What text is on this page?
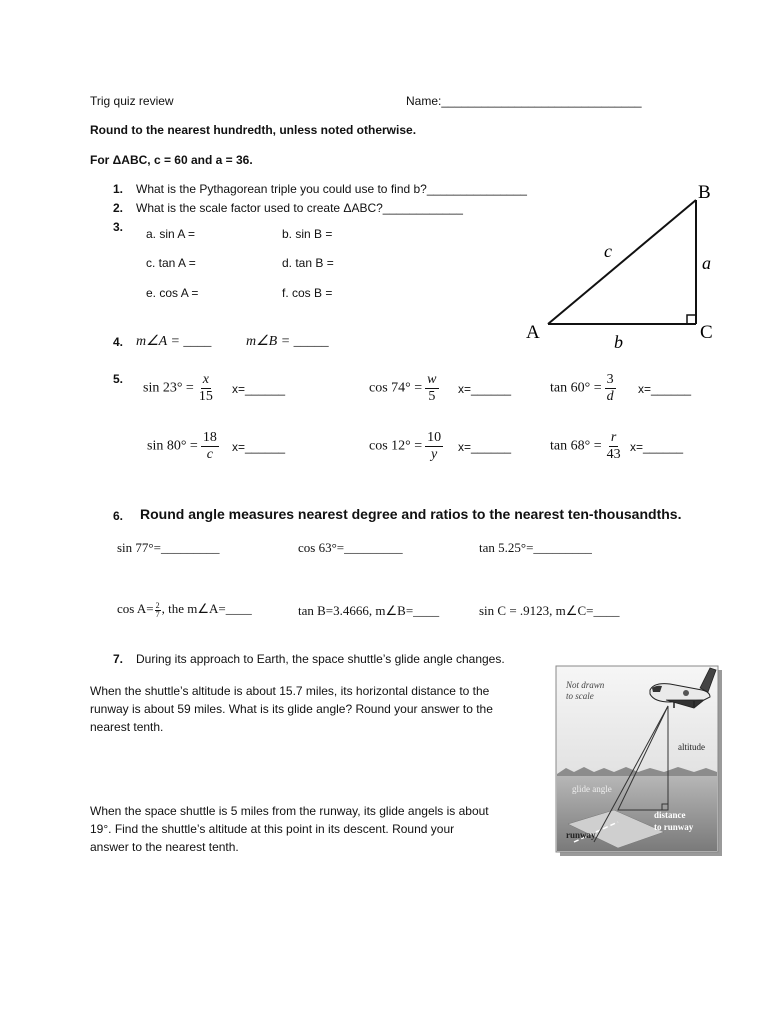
Trig quiz review	Name:______________________________
Round to the nearest hundredth, unless noted otherwise.
For ΔABC, c = 60 and a = 36.
1. What is the Pythagorean triple you could use to find b?_______________
2. What is the scale factor used to create ΔABC?____________
3. a. sin A =	b. sin B =
c. tan A =	d. tan B =
e. cos A =	f. cos B =
4. m∠A = ____ m∠B = _____	A
B
C
a
b
c
5.
$\sin 23^\circ = \frac{x}{15}$ x=______	$\cos 74^\circ = \frac{w}{5}$ x=______	$\tan 60^\circ = \frac{3}{d}$ x=______
$\sin 80^\circ = \frac{18}{c}$ x=______	$\cos 12^\circ = \frac{10}{y}$ x=______	$\tan 68^\circ = \frac{r}{43}$ x=______
6. Round angle measures nearest degree and ratios to the nearest ten-thousandths.
sin 77°=_________	cos 63°=_________	tan 5.25°=_________
$\cos A= \frac{2}{7}$ , the m∠A=____	tan B=3.4666, m∠B=____	sin C = .9123, m∠C=____
7. During its approach to Earth, the space shuttle’s glide angle changes.
When the shuttle’s altitude is about 15.7 miles, its horizontal distance to the
runway is about 59 miles. What is its glide angle? Round your answer to the
nearest tenth.
When the space shuttle is 5 miles from the runway, its glide angels is about
19°. Find the shuttle’s altitude at this point in its descent. Round your
answer to the nearest tenth.
Not drawn
to scale
altitude
glide angle
distance
to runway
runway
